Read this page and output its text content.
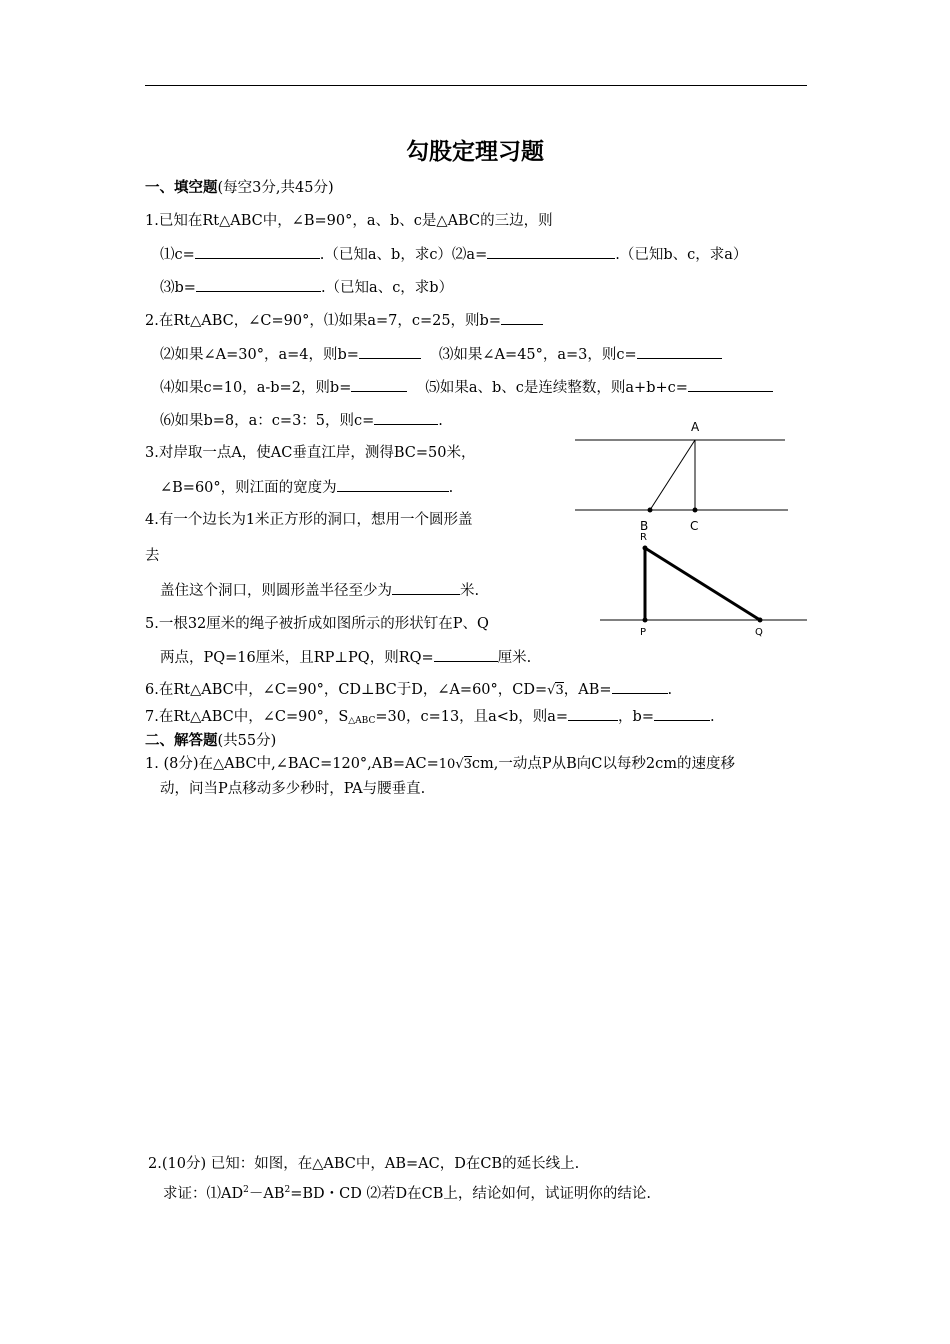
勾股定理习题
一、填空题(每空3分,共45分)
1.已知在Rt△ABC中，∠B=90°，a、b、c是△ABC的三边，则
⑴c=	.（已知a、b，求c）⑵a=	.（已知b、c，求a）
⑶b=	.（已知a、c，求b）
2.在Rt△ABC，∠C=90°，⑴如果a=7，c=25，则b=
⑵如果∠A=30°，a=4，则b=	⑶如果∠A=45°，a=3，则c=
⑷如果c=10，a-b=2，则b=	⑸如果a、b、c是连续整数，则a+b+c=
⑹如果b=8，a：c=3：5，则c=	.
3.对岸取一点A，使AC垂直江岸，测得BC=50米，
∠B=60°，则江面的宽度为	.
4.有一个边长为1米正方形的洞口，想用一个圆形盖
去
盖住这个洞口，则圆形盖半径至少为	米.
5.一根32厘米的绳子被折成如图所示的形状钉在P、Q
两点，PQ=16厘米，且RP⊥PQ，则RQ=	厘米.
6.在Rt△ABC中，∠C=90°，CD⊥BC于D，∠A=60°，CD=√3，AB=	.
7.在Rt△ABC中，∠C=90°，$S_{\triangle ABC}=30$，c=13，且a<b，则a=	，b=	.
二、解答题(共55分)
1. (8分)在△ABC中,∠BAC=120°,AB=AC=10√3cm,一动点P从B向C以每秒2cm的速度移
动，问当P点移动多少秒时，PA与腰垂直.
2.(10分) 已知：如图，在△ABC中，AB=AC，D在CB的延长线上.
求证：$⑴AD^2-AB^2=BD$・CD ⑵若D在CB上，结论如何，试证明你的结论.
A
B	C
R
P	Q
